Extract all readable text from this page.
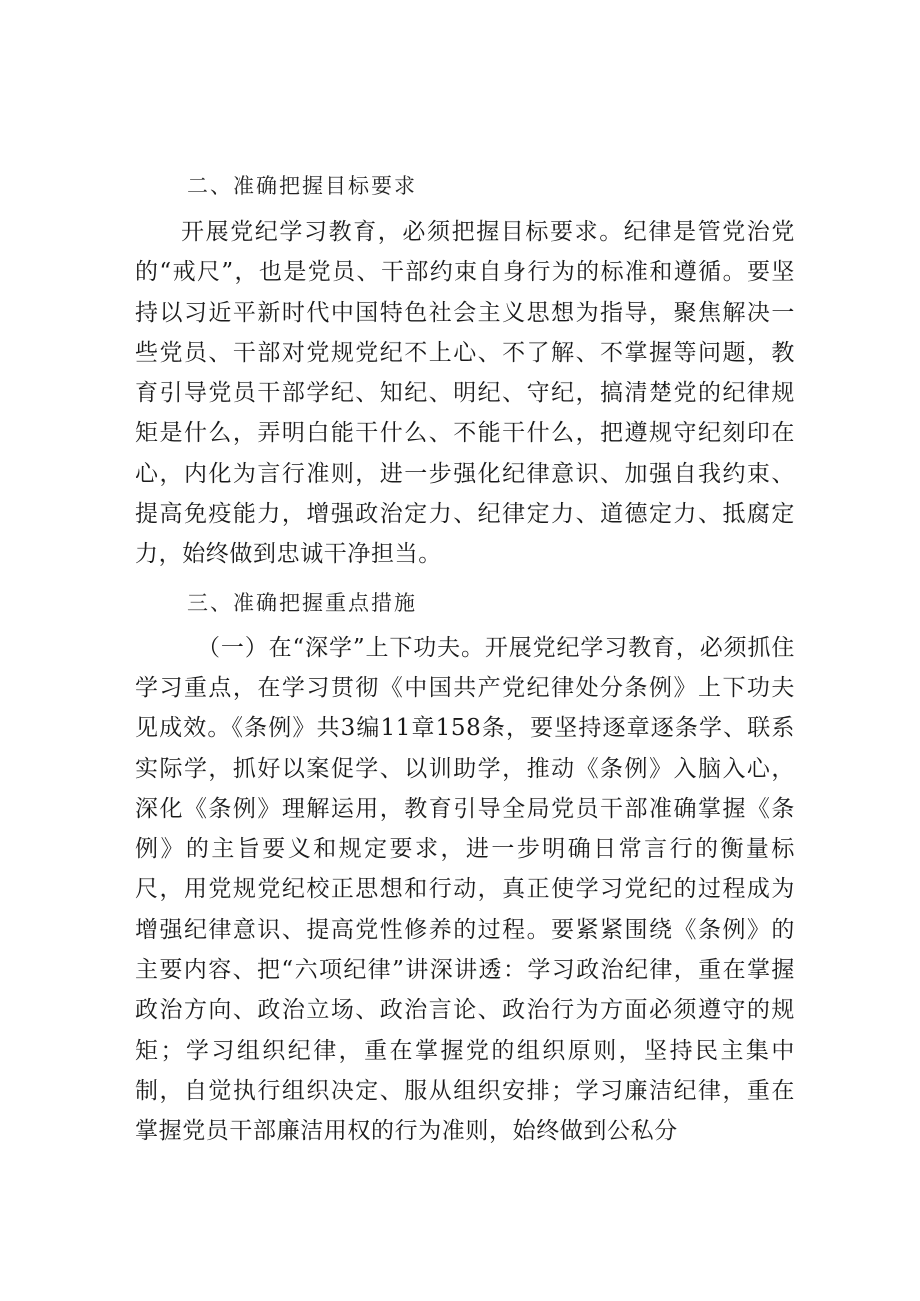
二、准确把握目标要求

开展党纪学习教育，必须把握目标要求。纪律是管党治党的“戒尺”，也是党员、干部约束自身行为的标准和遵循。要坚持以习近平新时代中国特色社会主义思想为指导，聚焦解决一些党员、干部对党规党纪不上心、不了解、不掌握等问题，教育引导党员干部学纪、知纪、明纪、守纪，搞清楚党的纪律规矩是什么，弄明白能干什么、不能干什么，把遵规守纪刻印在心，内化为言行准则，进一步强化纪律意识、加强自我约束、提高免疫能力，增强政治定力、纪律定力、道德定力、抵腐定力，始终做到忠诚干净担当。

三、准确把握重点措施

（一）在“深学”上下功夫。开展党纪学习教育，必须抓住学习重点，在学习贯彻《中国共产党纪律处分条例》上下功夫见成效。《条例》共3编11章158条，要坚持逐章逐条学、联系实际学，抓好以案促学、以训助学，推动《条例》入脑入心，深化《条例》理解运用，教育引导全局党员干部准确掌握《条例》的主旨要义和规定要求，进一步明确日常言行的衡量标尺，用党规党纪校正思想和行动，真正使学习党纪的过程成为增强纪律意识、提高党性修养的过程。要紧紧围绕《条例》的主要内容、把“六项纪律”讲深讲透：学习政治纪律，重在掌握政治方向、政治立场、政治言论、政治行为方面必须遵守的规矩；学习组织纪律，重在掌握党的组织原则，坚持民主集中制，自觉执行组织决定、服从组织安排；学习廉洁纪律，重在掌握党员干部廉洁用权的行为准则，始终做到公私分
